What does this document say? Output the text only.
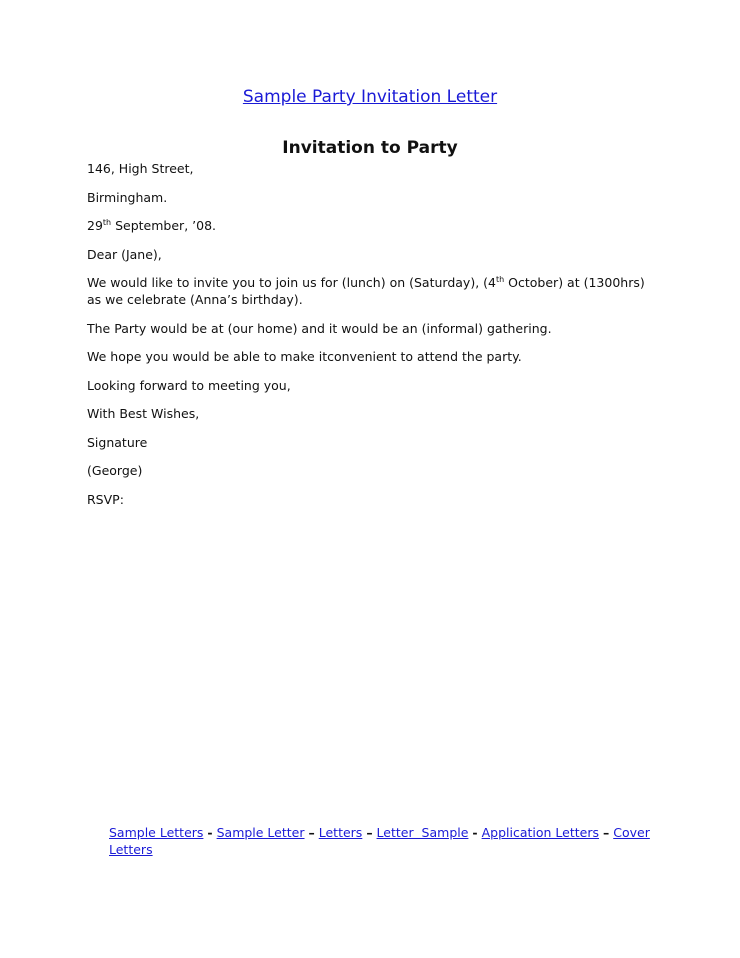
Sample Party Invitation Letter
Invitation to Party

146, High Street,

Birmingham.

29th September, ’08.

Dear (Jane),

We would like to invite you to join us for (lunch) on (Saturday), (4th October) at (1300hrs) as we celebrate (Anna’s birthday).

The Party would be at (our home) and it would be an (informal) gathering.

We hope you would be able to make itconvenient to attend the party.

Looking forward to meeting you,

With Best Wishes,

Signature

(George)

RSVP:

Sample Letters - Sample Letter – Letters – Letter  Sample - Application Letters – Cover Letters
